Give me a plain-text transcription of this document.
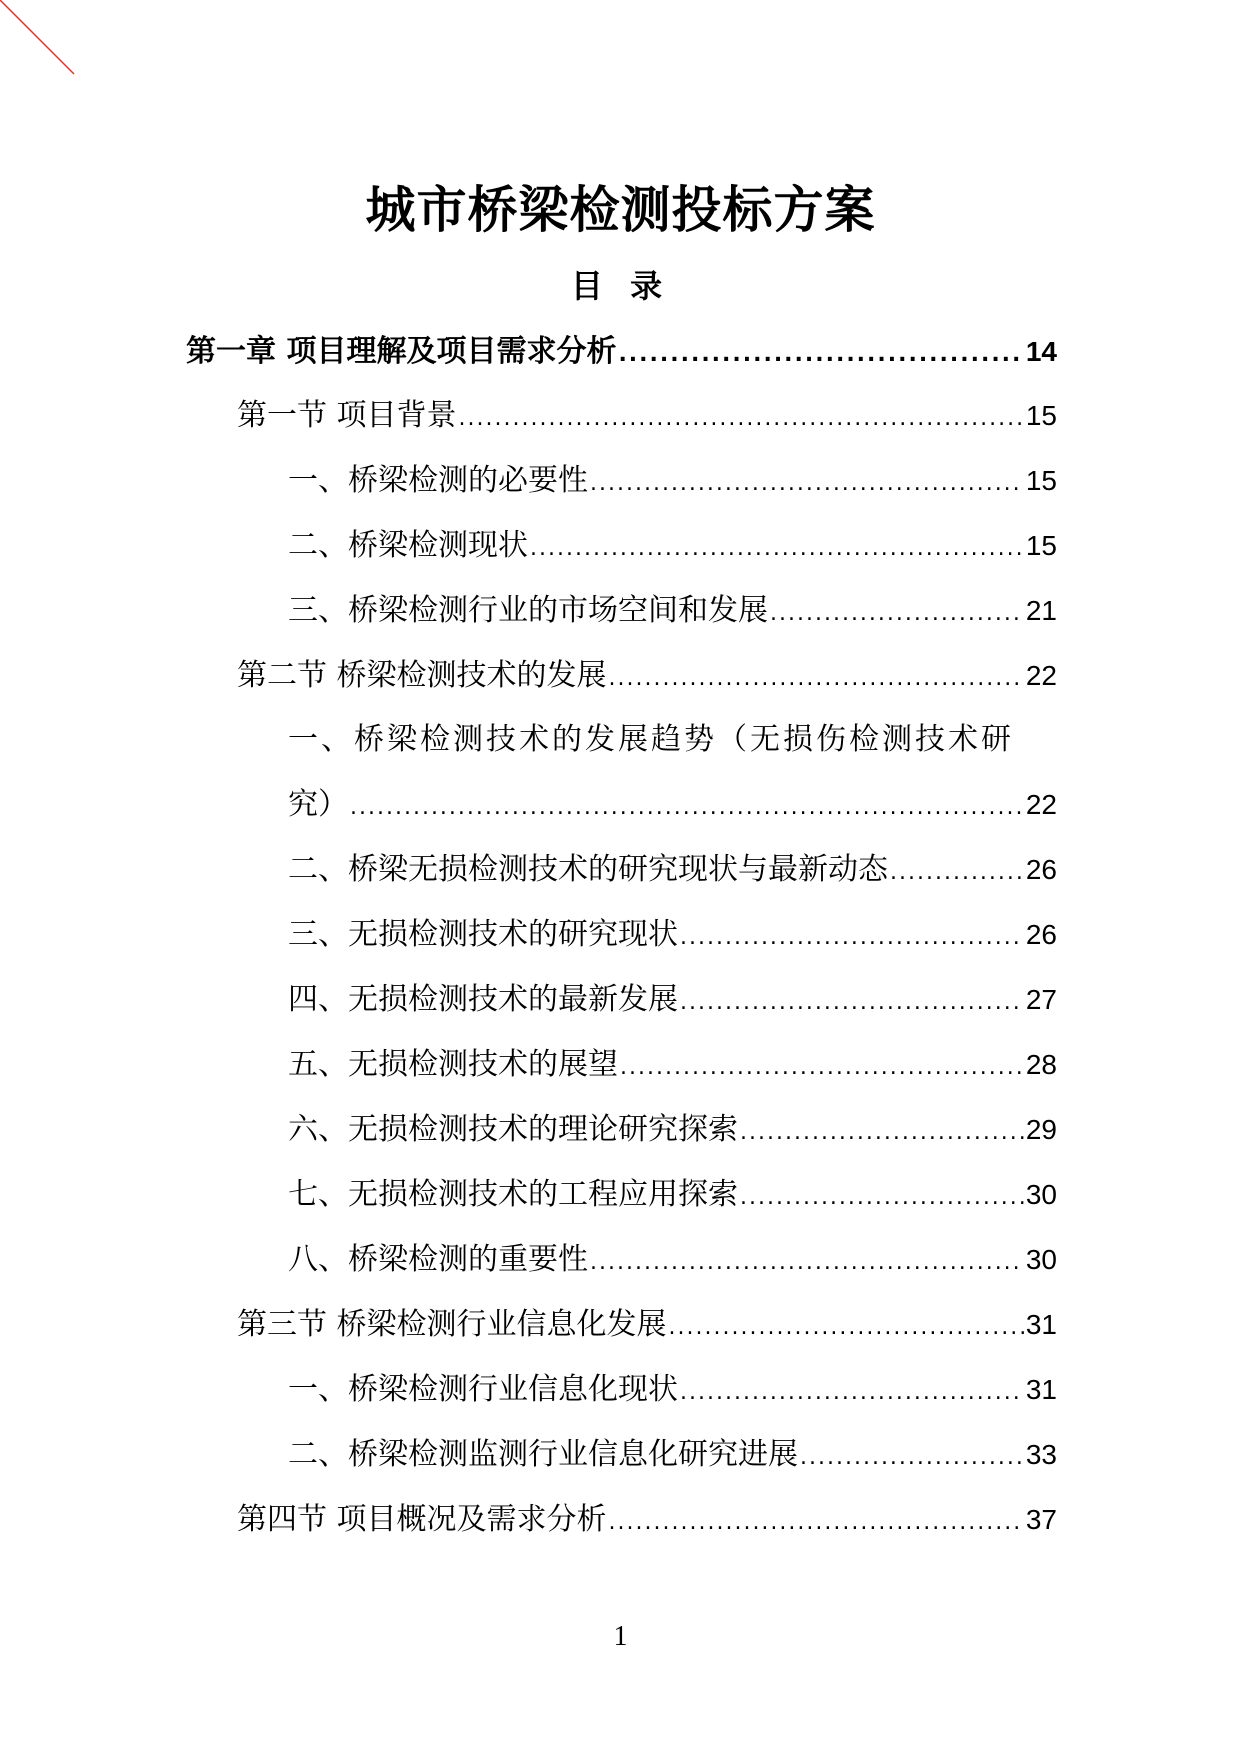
城市桥梁检测投标方案
目 录
第一章 项目理解及项目需求分析 .....	14
第一节 项目背景 .....	15
一、桥梁检测的必要性 .....	15
二、桥梁检测现状 .....	15
三、桥梁检测行业的市场空间和发展 .....	21
第二节 桥梁检测技术的发展 .....	22
一、桥梁检测技术的发展趋势（无损伤检测技术研
究） .....	22
二、桥梁无损检测技术的研究现状与最新动态 .....	26
三、无损检测技术的研究现状 .....	26
四、无损检测技术的最新发展 .....	27
五、无损检测技术的展望 .....	28
六、无损检测技术的理论研究探索 .....	29
七、无损检测技术的工程应用探索 .....	30
八、桥梁检测的重要性 .....	30
第三节 桥梁检测行业信息化发展 .....	31
一、桥梁检测行业信息化现状 .....	31
二、桥梁检测监测行业信息化研究进展 .....	33
第四节 项目概况及需求分析 .....	37
1
